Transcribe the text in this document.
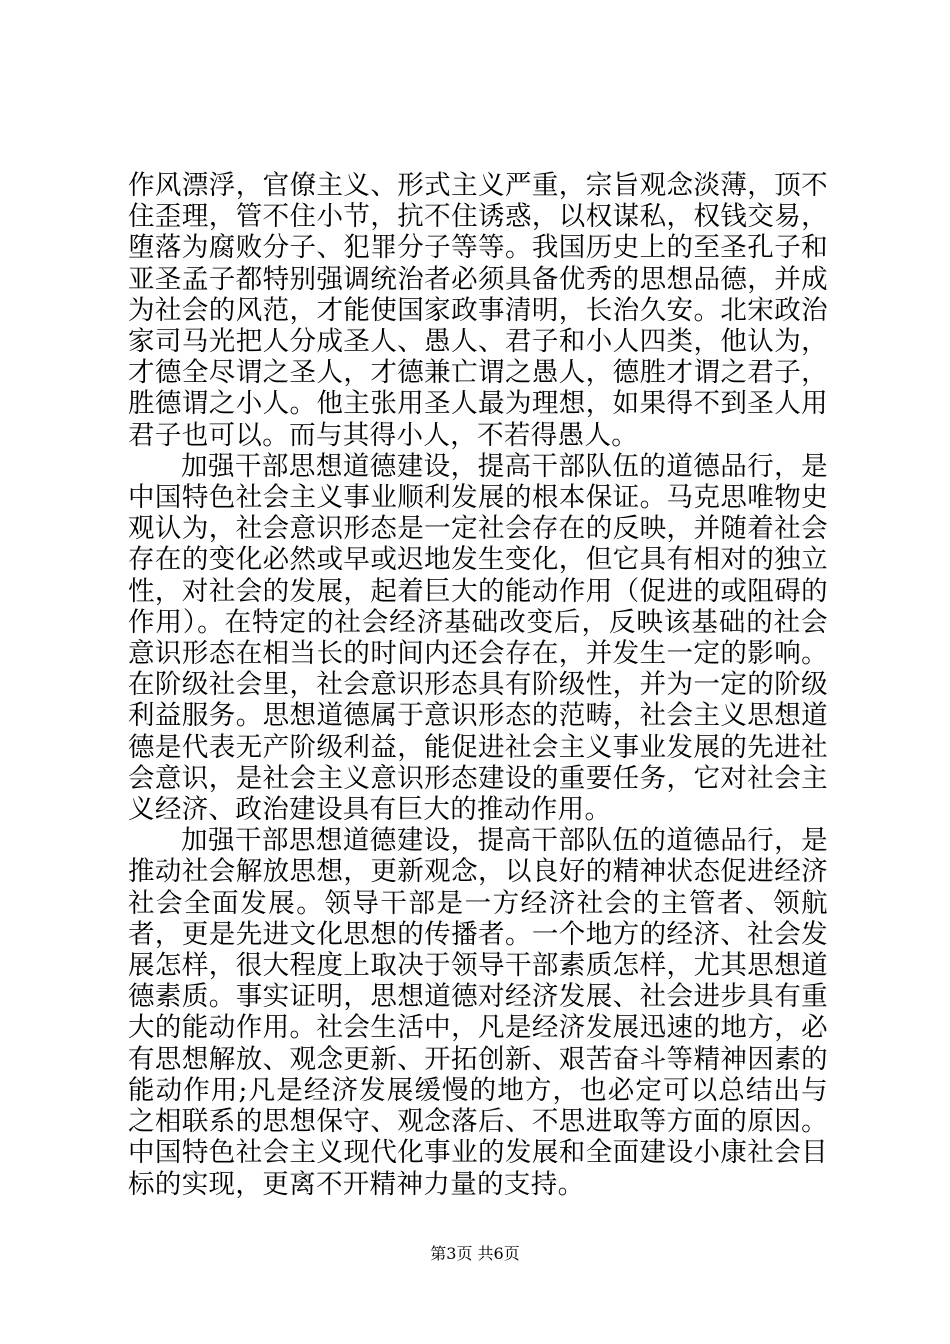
作风漂浮，官僚主义、形式主义严重，宗旨观念淡薄，顶不住歪理，管不住小节，抗不住诱惑，以权谋私，权钱交易，堕落为腐败分子、犯罪分子等等。我国历史上的至圣孔子和亚圣孟子都特别强调统治者必须具备优秀的思想品德，并成为社会的风范，才能使国家政事清明，长治久安。北宋政治家司马光把人分成圣人、愚人、君子和小人四类，他认为，才德全尽谓之圣人，才德兼亡谓之愚人，德胜才谓之君子，胜德谓之小人。他主张用圣人最为理想，如果得不到圣人用君子也可以。而与其得小人，不若得愚人。

加强干部思想道德建设，提高干部队伍的道德品行，是中国特色社会主义事业顺利发展的根本保证。马克思唯物史观认为，社会意识形态是一定社会存在的反映，并随着社会存在的变化必然或早或迟地发生变化，但它具有相对的独立性，对社会的发展，起着巨大的能动作用（促进的或阻碍的作用）。在特定的社会经济基础改变后，反映该基础的社会意识形态在相当长的时间内还会存在，并发生一定的影响。在阶级社会里，社会意识形态具有阶级性，并为一定的阶级利益服务。思想道德属于意识形态的范畴，社会主义思想道德是代表无产阶级利益，能促进社会主义事业发展的先进社会意识，是社会主义意识形态建设的重要任务，它对社会主义经济、政治建设具有巨大的推动作用。

加强干部思想道德建设，提高干部队伍的道德品行，是推动社会解放思想，更新观念，以良好的精神状态促进经济社会全面发展。领导干部是一方经济社会的主管者、领航者，更是先进文化思想的传播者。一个地方的经济、社会发展怎样，很大程度上取决于领导干部素质怎样，尤其思想道德素质。事实证明，思想道德对经济发展、社会进步具有重大的能动作用。社会生活中，凡是经济发展迅速的地方，必有思想解放、观念更新、开拓创新、艰苦奋斗等精神因素的能动作用;凡是经济发展缓慢的地方，也必定可以总结出与之相联系的思想保守、观念落后、不思进取等方面的原因。中国特色社会主义现代化事业的发展和全面建设小康社会目标的实现，更离不开精神力量的支持。

第3页 共6页
